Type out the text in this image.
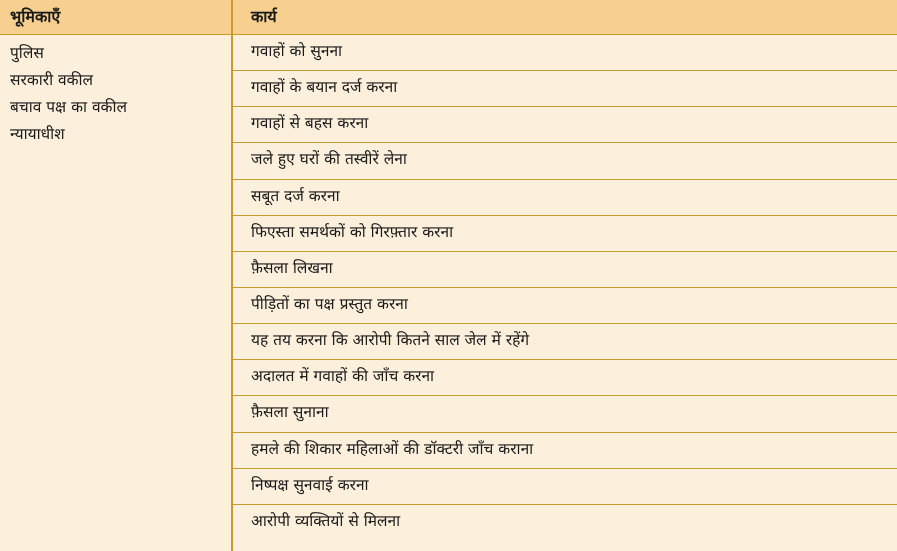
भूमिकाएँ	कार्य
पुलिस
सरकारी वकील
बचाव पक्ष का वकील
न्यायाधीश
गवाहों को सुनना
गवाहों के बयान दर्ज करना
गवाहों से बहस करना
जले हुए घरों की तस्वीरें लेना
सबूत दर्ज करना
फिएस्ता समर्थकों को गिरफ़्तार करना
फ़ैसला लिखना
पीड़ितों का पक्ष प्रस्तुत करना
यह तय करना कि आरोपी कितने साल जेल में रहेंगे
अदालत में गवाहों की जाँच करना
फ़ैसला सुनाना
हमले की शिकार महिलाओं की डॉक्टरी जाँच कराना
निष्पक्ष सुनवाई करना
आरोपी व्यक्तियों से मिलना
